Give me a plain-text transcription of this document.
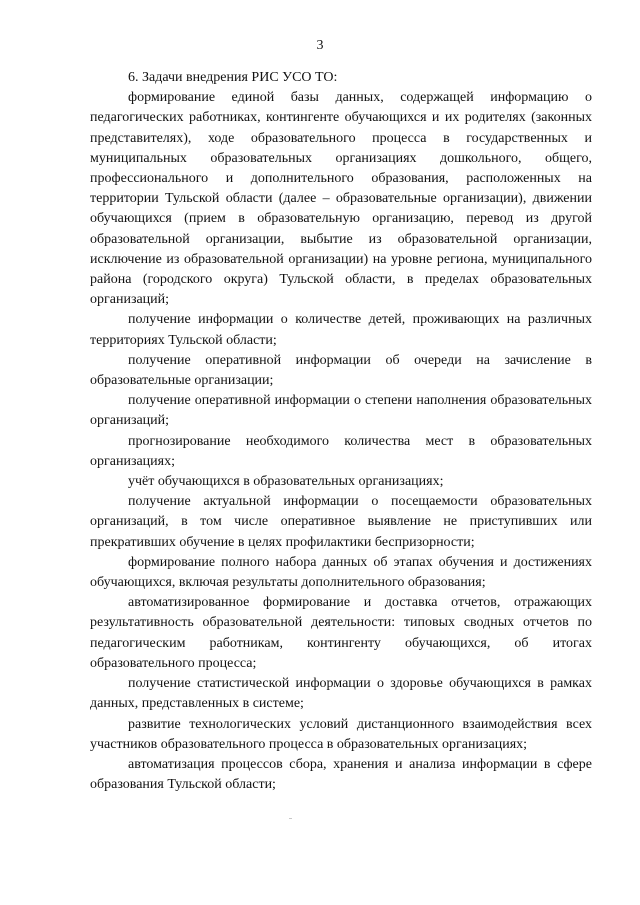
3

6. Задачи внедрения РИС УСО ТО:

формирование единой базы данных, содержащей информацию о педагогических работниках, контингенте обучающихся и их родителях (законных представителях), ходе образовательного процесса в государственных и муниципальных образовательных организациях дошкольного, общего, профессионального и дополнительного образования, расположенных на территории Тульской области (далее – образовательные организации), движении обучающихся (прием в образовательную организацию, перевод из другой образовательной организации, выбытие из образовательной организации, исключение из образовательной организации) на уровне региона, муниципального района (городского округа) Тульской области, в пределах образовательных организаций;

получение информации о количестве детей, проживающих на различных территориях Тульской области;

получение оперативной информации об очереди на зачисление в образовательные организации;

получение оперативной информации о степени наполнения образовательных организаций;

прогнозирование необходимого количества мест в образовательных организациях;

учёт обучающихся в образовательных организациях;

получение актуальной информации о посещаемости образовательных организаций, в том числе оперативное выявление не приступивших или прекративших обучение в целях профилактики беспризорности;

формирование полного набора данных об этапах обучения и достижениях обучающихся, включая результаты дополнительного образования;

автоматизированное формирование и доставка отчетов, отражающих результативность образовательной деятельности: типовых сводных отчетов по педагогическим работникам, контингенту обучающихся, об итогах образовательного процесса;

получение статистической информации о здоровье обучающихся в рамках данных, представленных в системе;

развитие технологических условий дистанционного взаимодействия всех участников образовательного процесса в образовательных организациях;

автоматизация процессов сбора, хранения и анализа информации в сфере образования Тульской области;
